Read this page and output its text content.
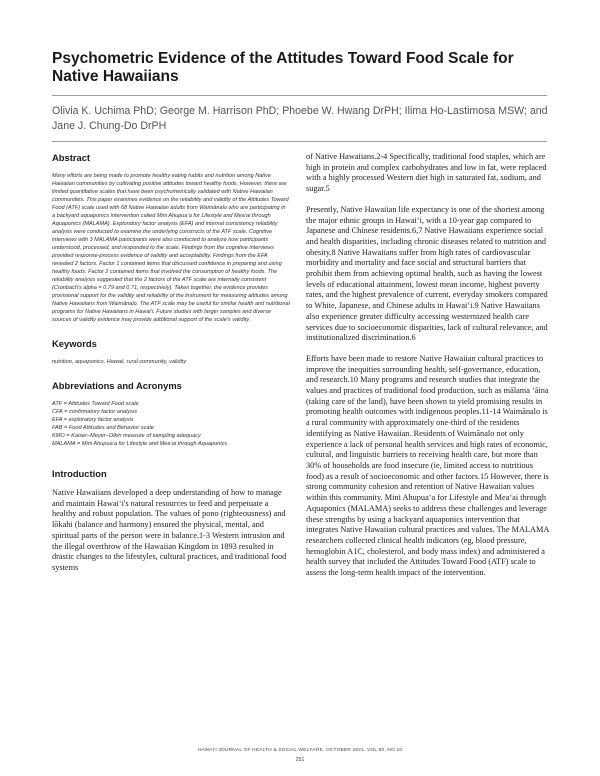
Psychometric Evidence of the Attitudes Toward Food Scale for Native Hawaiians
Olivia K. Uchima PhD; George M. Harrison PhD; Phoebe W. Hwang DrPH; Ilima Ho-Lastimosa MSW; and Jane J. Chung-Do DrPH
Abstract

Many efforts are being made to promote healthy eating habits and nutrition among Native Hawaiian communities by cultivating positive attitudes toward healthy foods. However, there are limited quantitative scales that have been psychometrically validated with Native Hawaiian communities. This paper examines evidence on the reliability and validity of the Attitudes Toward Food (ATF) scale used with 68 Native Hawaiian adults from Waimānalo who are participating in a backyard aquaponics intervention called Mini Ahupua‘a for Lifestyle and Mea‘ai through Aquaponics (MALAMA). Exploratory factor analysis (EFA) and internal consistency reliability analysis were conducted to examine the underlying constructs of the ATF scale. Cognitive interviews with 3 MALAMA participants were also conducted to analyze how participants understood, processed, and responded to the scale. Findings from the cognitive interviews provided response-process evidence of validity and acceptability. Findings from the EFA revealed 2 factors. Factor 1 contained items that discussed confidence in preparing and using healthy foods. Factor 2 contained items that involved the consumption of healthy foods. The reliability analysis suggested that the 2 factors of the ATF scale are internally consistent (Cronbach's alpha = 0.79 and 0.71, respectively). Taken together, the evidence provides provisional support for the validity and reliability of the instrument for measuring attitudes among Native Hawaiians from Waimānalo. The ATF scale may be useful for similar health and nutritional programs for Native Hawaiians in Hawai‘i. Future studies with larger samples and diverse sources of validity evidence may provide additional support of the scale's validity.

Keywords

nutrition, aquaponics, Hawaii, rural community, validity

Abbreviations and Acronyms
ATF = Attitudes Toward Food scale
CFA = confirmatory factor analysis
EFA = exploratory factor analysis
FAB = Food Attitudes and Behavior scale
KMO = Kaiser–Meyer–Olkin measure of sampling adequacy
MALAMA = Mini Ahupua‘a for Lifestyle and Mea‘ai through Aquaponics
Introduction

Native Hawaiians developed a deep understanding of how to manage and maintain Hawai‘i's natural resources to feed and perpetuate a healthy and robust population. The values of pono (righteousness) and lōkahi (balance and harmony) ensured the physical, mental, and spiritual parts of the person were in balance.1-3 Western intrusion and the illegal overthrow of the Hawaiian Kingdom in 1893 resulted in drastic changes to the lifestyles, cultural practices, and traditional food systems

of Native Hawaiians.2-4 Specifically, traditional food staples, which are high in protein and complex carbohydrates and low in fat, were replaced with a highly processed Western diet high in saturated fat, sodium, and sugar.5

Presently, Native Hawaiian life expectancy is one of the shortest among the major ethnic groups in Hawai‘i, with a 10-year gap compared to Japanese and Chinese residents.6,7 Native Hawaiians experience social and health disparities, including chronic diseases related to nutrition and obesity.8 Native Hawaiians suffer from high rates of cardiovascular morbidity and mortality and face social and structural barriers that prohibit them from achieving optimal health, such as having the lowest levels of educational attainment, lowest mean income, highest poverty rates, and the highest prevalence of current, everyday smokers compared to White, Japanese, and Chinese adults in Hawai‘i.9 Native Hawaiians also experience greater difficulty accessing westernized health care services due to socioeconomic disparities, lack of cultural relevance, and institutionalized discrimination.6

Efforts have been made to restore Native Hawaiian cultural practices to improve the inequities surrounding health, self-governance, education, and research.10 Many programs and research studies that integrate the values and practices of traditional food production, such as mālama ‘āina (taking care of the land), have been shown to yield promising results in promoting health outcomes with indigenous peoples.11-14 Waimānalo is a rural community with approximately one-third of the residents identifying as Native Hawaiian. Residents of Waimānalo not only experience a lack of personal health services and high rates of economic, cultural, and linguistic barriers to receiving health care, but more than 30% of households are food insecure (ie, limited access to nutritious food) as a result of socioeconomic and other factors.15 However, there is strong community cohesion and retention of Native Hawaiian values within this community. Mini Ahupua‘a for Lifestyle and Mea‘ai through Aquaponics (MALAMA) seeks to address these challenges and leverage these strengths by using a backyard aquaponics intervention that integrates Native Hawaiian cultural practices and values. The MALAMA researchers collected clinical health indicators (eg, blood pressure, hemoglobin A1C, cholesterol, and body mass index) and administered a health survey that included the Attitudes Toward Food (ATF) scale to assess the long-term health impact of the intervention.

HAWAI‘I JOURNAL OF HEALTH & SOCIAL WELFARE, OCTOBER 2021, VOL 80, NO 10
251
